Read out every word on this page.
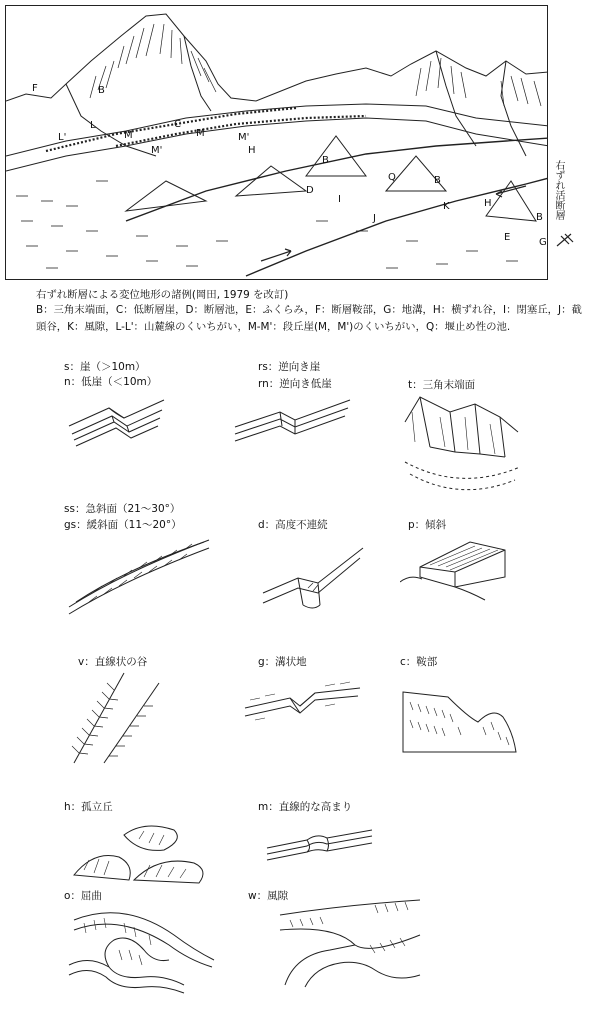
F	B
L
L'
C
M	M
M'
M'
H
B
D
Q	B
K	H
I
J
E
B
G
右ずれ活断層
右ずれ断層による変位地形の諸例(岡田, 1979 を改訂)
B：三角末端面，C：低断層崖，D：断層池，E：ふくらみ，F：断層鞍部，G：地溝，H：横ずれ谷，I：閉塞丘，J：截頭谷，K：風隙，L-L'：山麓線のくいちがい，M-M'：段丘崖(M，M')のくいちがい，Q：堰止め性の池.
s：崖（＞10m）
n：低崖（＜10m）
rs：逆向き崖
rn：逆向き低崖	t：三角末端面
ss：急斜面（21～30°）
gs：緩斜面（11～20°）	d：高度不連続	p：傾斜
v：直線状の谷	g：溝状地	c：鞍部
h：孤立丘	m：直線的な高まり
o：屈曲	w：風隙
